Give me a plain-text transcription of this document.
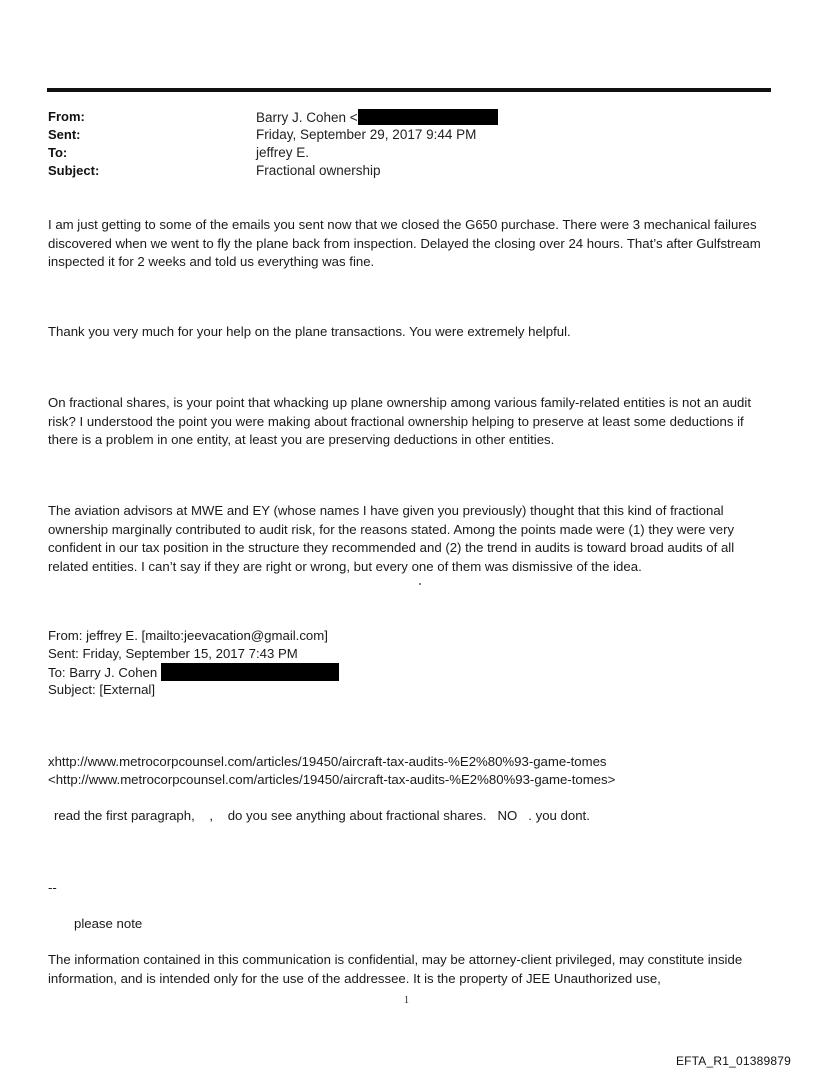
From:	Barry J. Cohen <
Sent:	Friday, September 29, 2017 9:44 PM
To:	jeffrey E.
Subject:	Fractional ownership

I am just getting to some of the emails you sent now that we closed the G650 purchase. There were 3 mechanical failures discovered when we went to fly the plane back from inspection. Delayed the closing over 24 hours. That’s after Gulfstream inspected it for 2 weeks and told us everything was fine.

Thank you very much for your help on the plane transactions. You were extremely helpful.

On fractional shares, is your point that whacking up plane ownership among various family-related entities is not an audit risk? I understood the point you were making about fractional ownership helping to preserve at least some deductions if there is a problem in one entity, at least you are preserving deductions in other entities.

The aviation advisors at MWE and EY (whose names I have given you previously) thought that this kind of fractional ownership marginally contributed to audit risk, for the reasons stated. Among the points made were (1) they were very confident in our tax position in the structure they recommended and (2) the trend in audits is toward broad audits of all related entities. I can’t say if they are right or wrong, but every one of them was dismissive of the idea.

From: jeffrey E. [mailto:jeevacation@gmail.com]
Sent: Friday, September 15, 2017 7:43 PM
To: Barry J. Cohen
Subject: [External]
xhttp://www.metrocorpcounsel.com/articles/19450/aircraft-tax-audits-%E2%80%93-game-tomes
<http://www.metrocorpcounsel.com/articles/19450/aircraft-tax-audits-%E2%80%93-game-tomes>
read the first paragraph,    ,    do you see anything about fractional shares.   NO   . you dont.
--
please note

The information contained in this communication is confidential, may be attorney-client privileged, may constitute inside information, and is intended only for the use of the addressee. It is the property of JEE Unauthorized use,

1
EFTA_R1_01389879
